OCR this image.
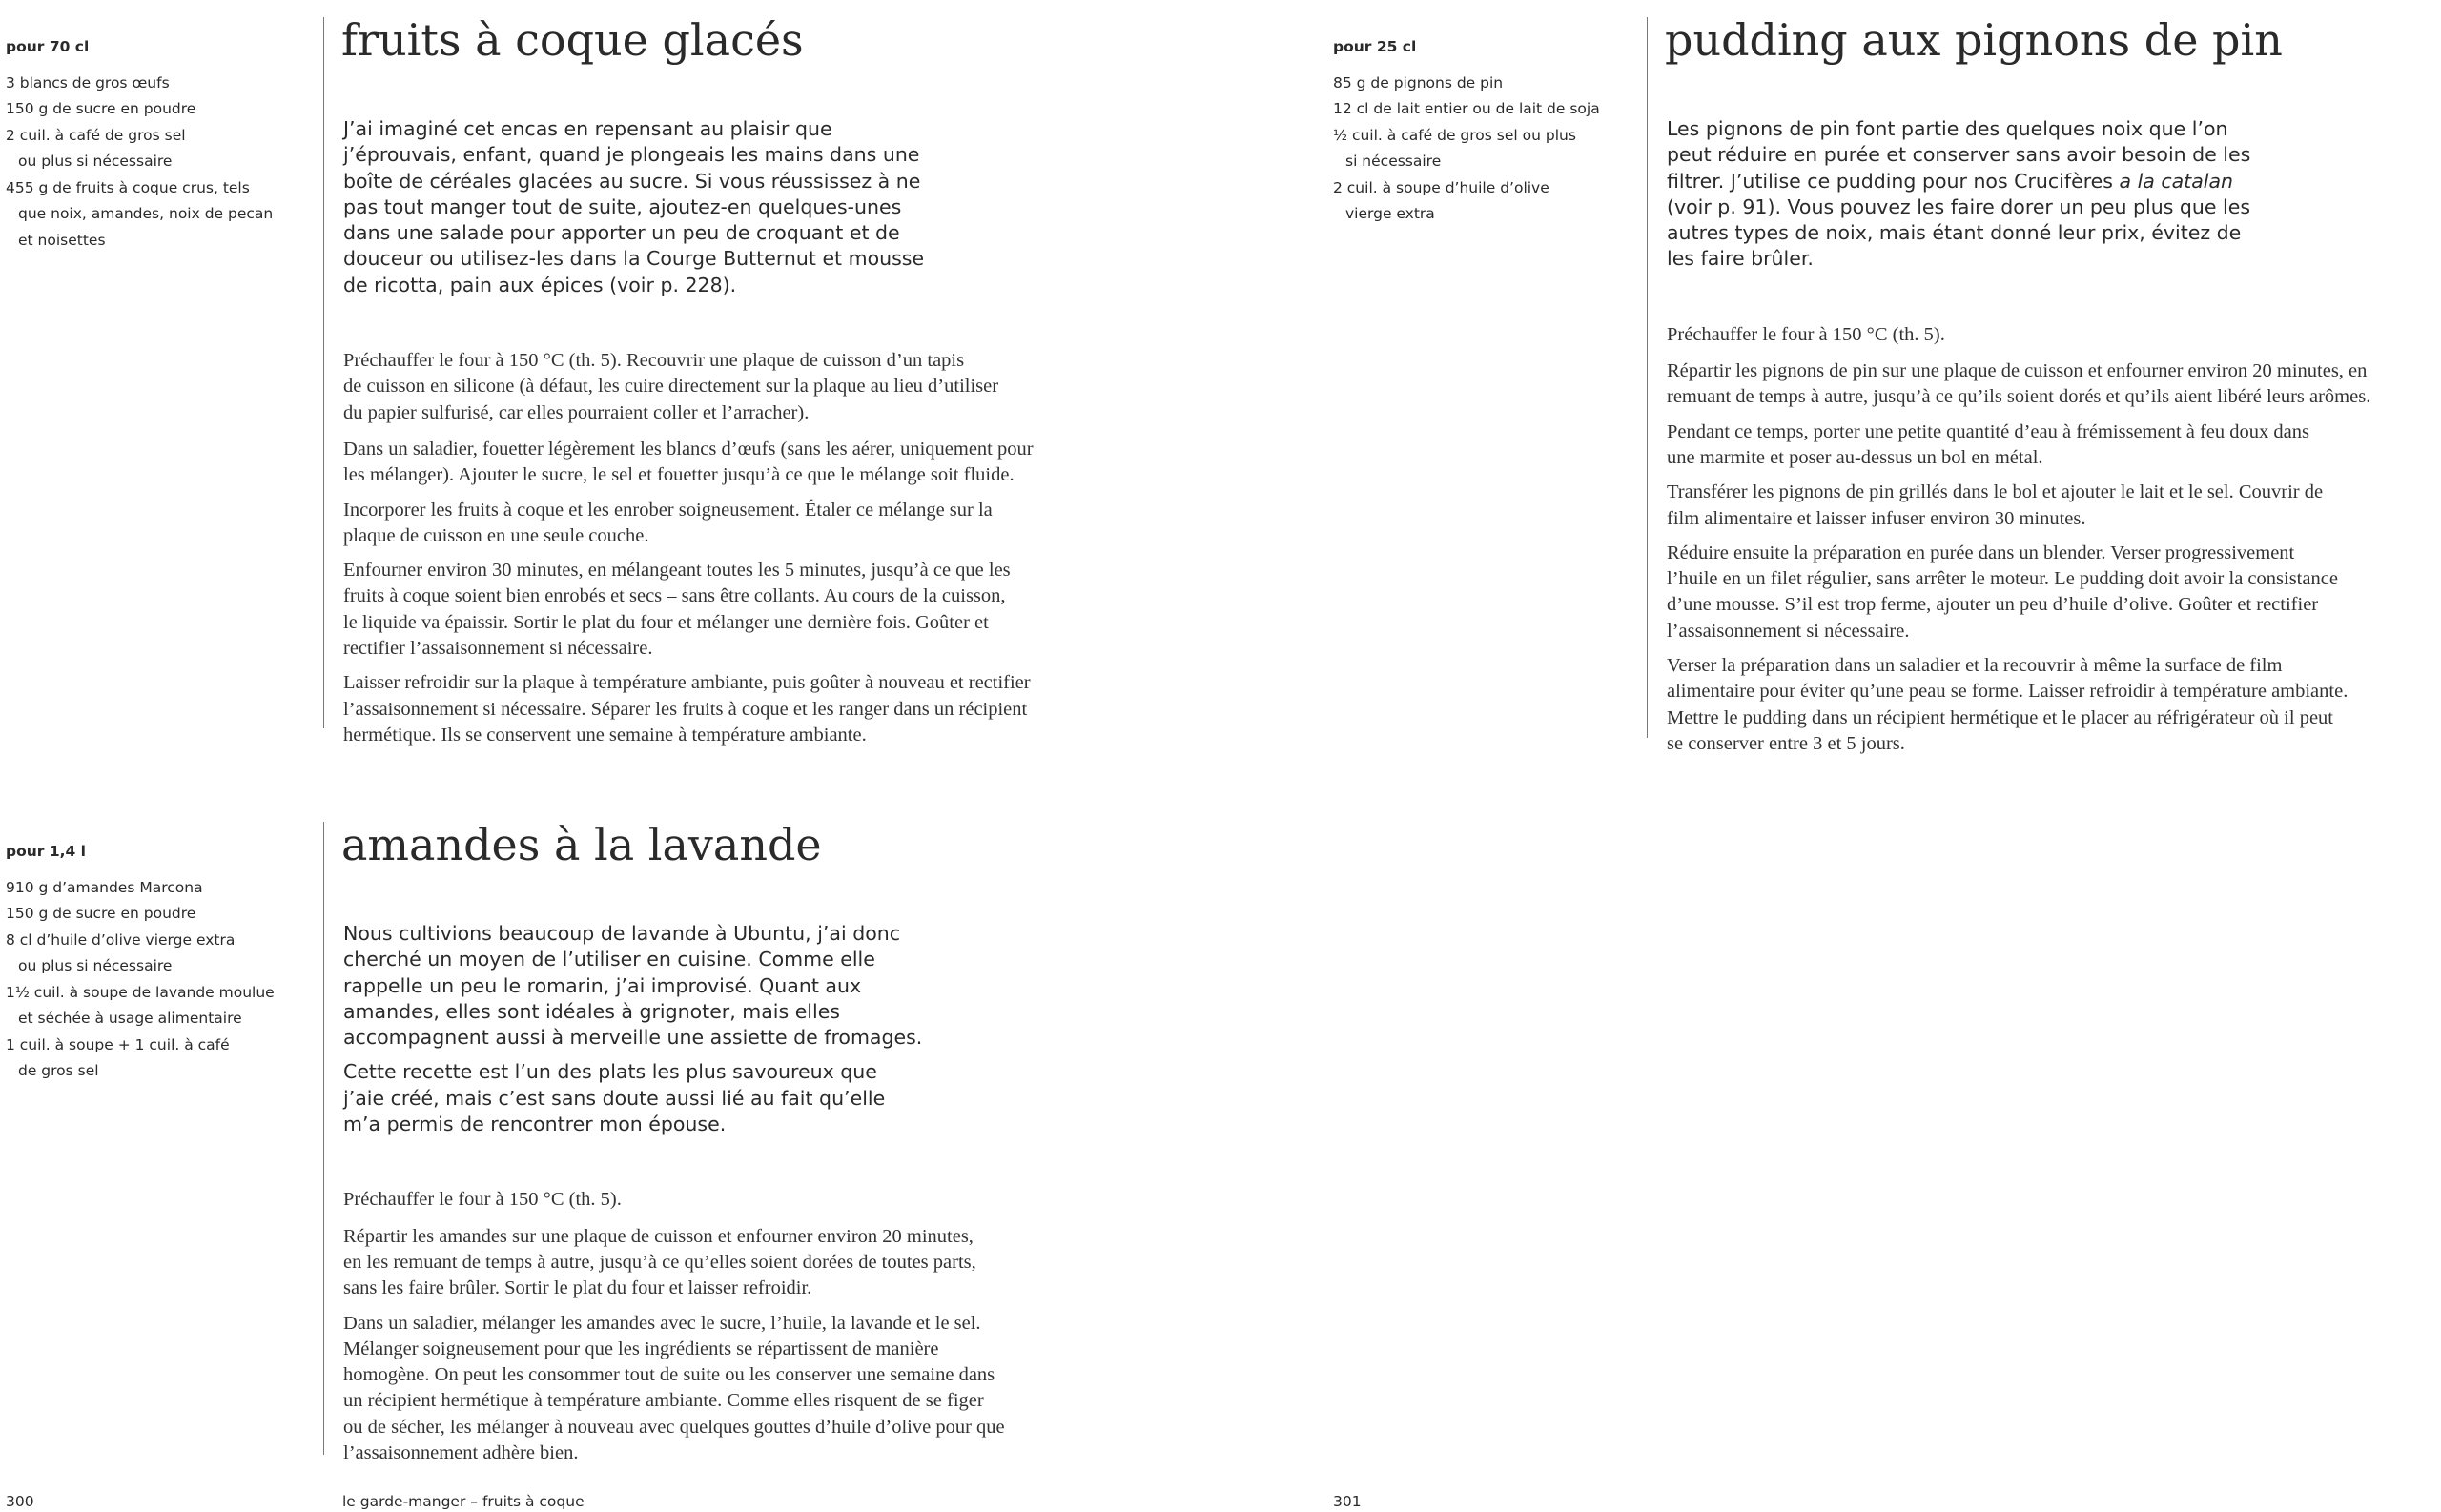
pour 70 cl
3 blancs de gros œufs
150 g de sucre en poudre
2 cuil. à café de gros sel
ou plus si nécessaire
455 g de fruits à coque crus, tels
que noix, amandes, noix de pecan
et noisettes
fruits à coque glacés

J’ai imaginé cet encas en repensant au plaisir que
j’éprouvais, enfant, quand je plongeais les mains dans une
boîte de céréales glacées au sucre. Si vous réussissez à ne
pas tout manger tout de suite, ajoutez-en quelques-unes
dans une salade pour apporter un peu de croquant et de
douceur ou utilisez-les dans la Courge Butternut et mousse
de ricotta, pain aux épices (voir p. 228).

Préchauffer le four à 150 °C (th. 5). Recouvrir une plaque de cuisson d’un tapis
de cuisson en silicone (à défaut, les cuire directement sur la plaque au lieu d’utiliser
du papier sulfurisé, car elles pourraient coller et l’arracher).

Dans un saladier, fouetter légèrement les blancs d’œufs (sans les aérer, uniquement pour
les mélanger). Ajouter le sucre, le sel et fouetter jusqu’à ce que le mélange soit fluide.

Incorporer les fruits à coque et les enrober soigneusement. Étaler ce mélange sur la
plaque de cuisson en une seule couche.

Enfourner environ 30 minutes, en mélangeant toutes les 5 minutes, jusqu’à ce que les
fruits à coque soient bien enrobés et secs – sans être collants. Au cours de la cuisson,
le liquide va épaissir. Sortir le plat du four et mélanger une dernière fois. Goûter et
rectifier l’assaisonnement si nécessaire.

Laisser refroidir sur la plaque à température ambiante, puis goûter à nouveau et rectifier
l’assaisonnement si nécessaire. Séparer les fruits à coque et les ranger dans un récipient
hermétique. Ils se conservent une semaine à température ambiante.

pour 1,4 l
910 g d’amandes Marcona
150 g de sucre en poudre
8 cl d’huile d’olive vierge extra
ou plus si nécessaire
1½ cuil. à soupe de lavande moulue
et séchée à usage alimentaire
1 cuil. à soupe + 1 cuil. à café
de gros sel
amandes à la lavande

Nous cultivions beaucoup de lavande à Ubuntu, j’ai donc
cherché un moyen de l’utiliser en cuisine. Comme elle
rappelle un peu le romarin, j’ai improvisé. Quant aux
amandes, elles sont idéales à grignoter, mais elles
accompagnent aussi à merveille une assiette de fromages.

Cette recette est l’un des plats les plus savoureux que
j’aie créé, mais c’est sans doute aussi lié au fait qu’elle
m’a permis de rencontrer mon épouse.

Préchauffer le four à 150 °C (th. 5).

Répartir les amandes sur une plaque de cuisson et enfourner environ 20 minutes,
en les remuant de temps à autre, jusqu’à ce qu’elles soient dorées de toutes parts,
sans les faire brûler. Sortir le plat du four et laisser refroidir.

Dans un saladier, mélanger les amandes avec le sucre, l’huile, la lavande et le sel.
Mélanger soigneusement pour que les ingrédients se répartissent de manière
homogène. On peut les consommer tout de suite ou les conserver une semaine dans
un récipient hermétique à température ambiante. Comme elles risquent de se figer
ou de sécher, les mélanger à nouveau avec quelques gouttes d’huile d’olive pour que
l’assaisonnement adhère bien.

300	le garde-manger – fruits à coque
pour 25 cl
85 g de pignons de pin
12 cl de lait entier ou de lait de soja
½ cuil. à café de gros sel ou plus
si nécessaire
2 cuil. à soupe d’huile d’olive
vierge extra
pudding aux pignons de pin

Les pignons de pin font partie des quelques noix que l’on
peut réduire en purée et conserver sans avoir besoin de les
filtrer. J’utilise ce pudding pour nos Crucifères a la catalan
(voir p. 91). Vous pouvez les faire dorer un peu plus que les
autres types de noix, mais étant donné leur prix, évitez de
les faire brûler.

Préchauffer le four à 150 °C (th. 5).

Répartir les pignons de pin sur une plaque de cuisson et enfourner environ 20 minutes, en
remuant de temps à autre, jusqu’à ce qu’ils soient dorés et qu’ils aient libéré leurs arômes.

Pendant ce temps, porter une petite quantité d’eau à frémissement à feu doux dans
une marmite et poser au-dessus un bol en métal.

Transférer les pignons de pin grillés dans le bol et ajouter le lait et le sel. Couvrir de
film alimentaire et laisser infuser environ 30 minutes.

Réduire ensuite la préparation en purée dans un blender. Verser progressivement
l’huile en un filet régulier, sans arrêter le moteur. Le pudding doit avoir la consistance
d’une mousse. S’il est trop ferme, ajouter un peu d’huile d’olive. Goûter et rectifier
l’assaisonnement si nécessaire.

Verser la préparation dans un saladier et la recouvrir à même la surface de film
alimentaire pour éviter qu’une peau se forme. Laisser refroidir à température ambiante.
Mettre le pudding dans un récipient hermétique et le placer au réfrigérateur où il peut
se conserver entre 3 et 5 jours.

301
